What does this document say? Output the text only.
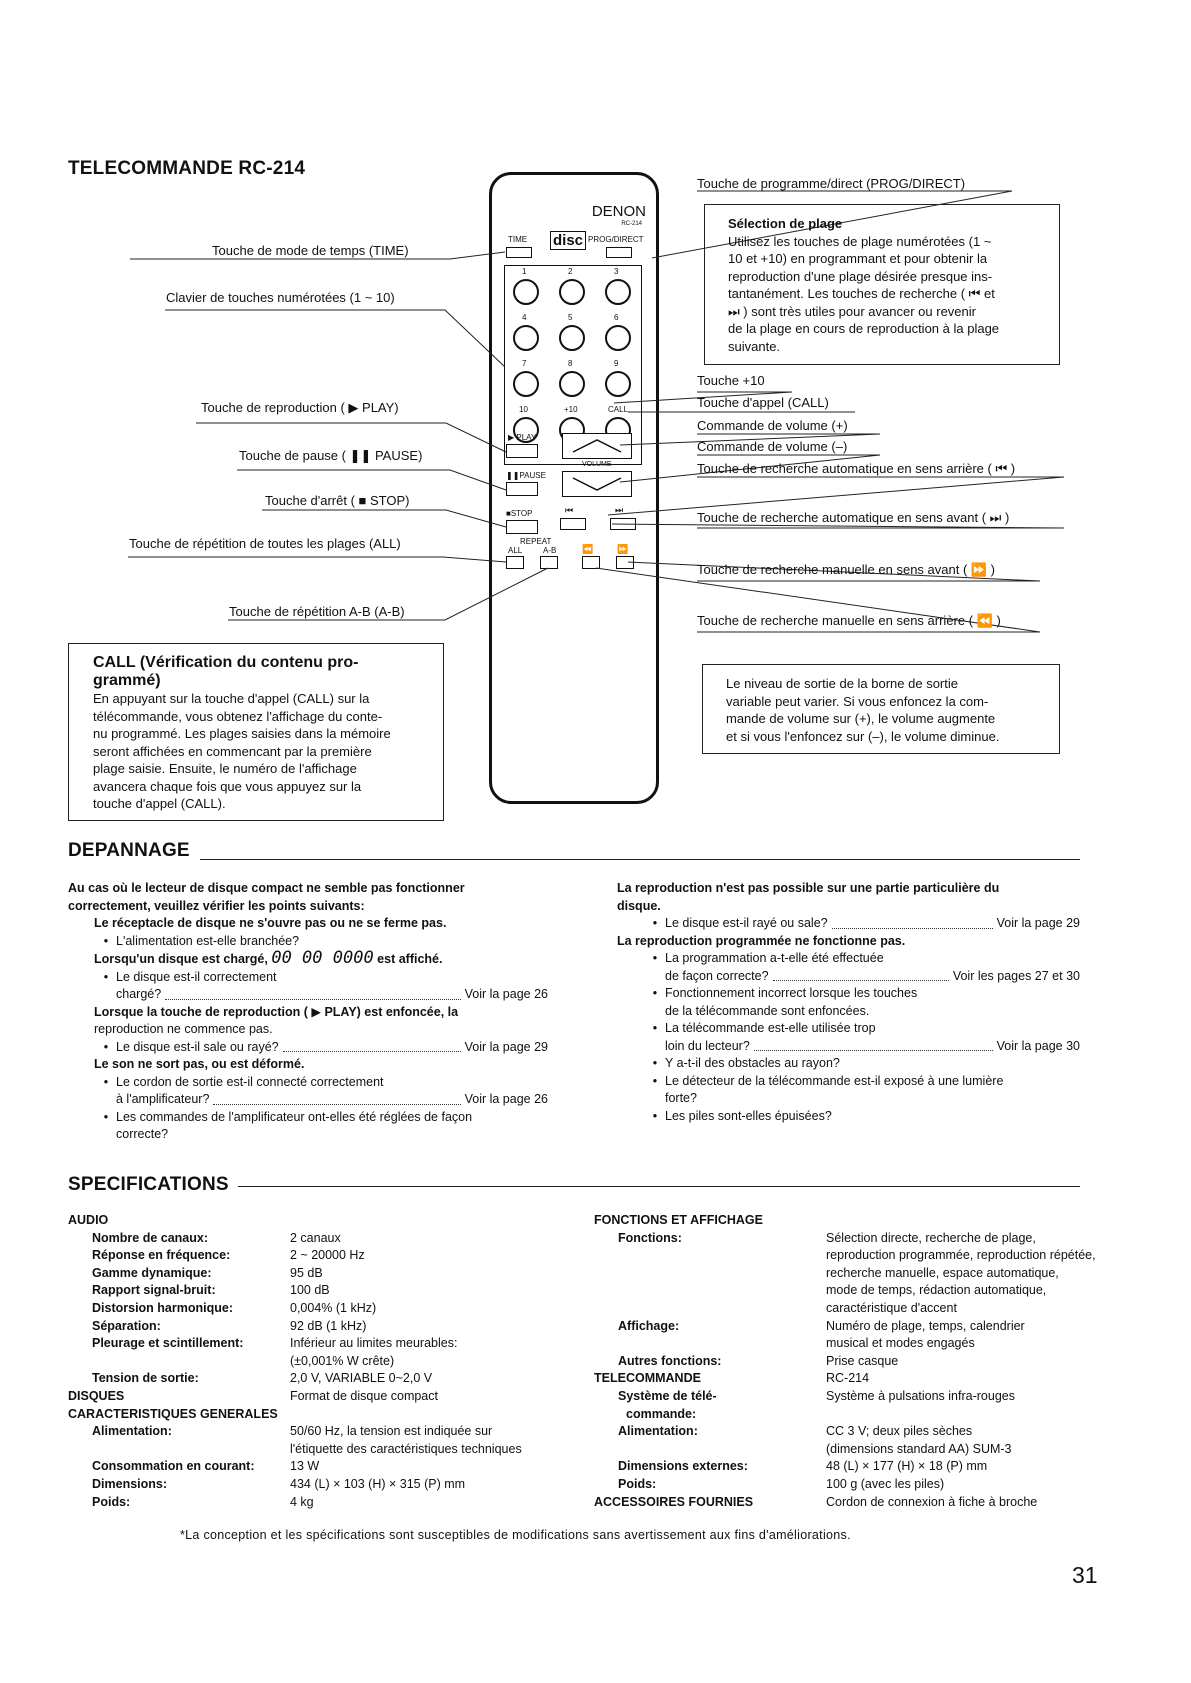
TELECOMMANDE RC-214
DENON
RC-214
disc
TIME	PROG/DIRECT
1	2	3
4	5	6
7	8	9
10	+10	CALL
▶ PLAY
❚❚PAUSE
■STOP
VOLUME
⏮	⏭
REPEAT
ALL	A-B	⏪	⏩
Touche de mode de temps (TIME)
Clavier de touches numérotées (1 ~ 10)
Touche de reproduction ( ▶ PLAY)
Touche de pause ( ❚❚ PAUSE)
Touche d'arrêt ( ■ STOP)
Touche de répétition de toutes les plages (ALL)
Touche de répétition A-B (A-B)
Touche de programme/direct (PROG/DIRECT)
Touche +10
Touche d'appel (CALL)
Commande de volume (+)
Commande de volume (–)
Touche de recherche automatique en sens arrière ( ⏮ )
Touche de recherche automatique en sens avant ( ⏭ )
Touche de recherche manuelle en sens avant ( ⏩ )
Touche de recherche manuelle en sens arrière ( ⏪ )
Sélection de plage
Utilisez les touches de plage numérotées (1 ~
10 et +10) en programmant et pour obtenir la
reproduction d'une plage désirée presque ins-
tantanément. Les touches de recherche ( ⏮ et
⏭ ) sont très utiles pour avancer ou revenir
de la plage en cours de reproduction à la plage
suivante.
Le niveau de sortie de la borne de sortie
variable peut varier. Si vous enfoncez la com-
mande de volume sur (+), le volume augmente
et si vous l'enfoncez sur (–), le volume diminue.
CALL (Vérification du contenu pro-
grammé)
En appuyant sur la touche d'appel (CALL) sur la
télécommande, vous obtenez l'affichage du conte-
nu programmé. Les plages saisies dans la mémoire
seront affichées en commencant par la première
plage saisie. Ensuite, le numéro de l'affichage
avancera chaque fois que vous appuyez sur la
touche d'appel (CALL).
DEPANNAGE
Au cas où le lecteur de disque compact ne semble pas fonctionner
correctement, veuillez vérifier les points suivants:
Le réceptacle de disque ne s'ouvre pas ou ne se ferme pas.
• L'alimentation est-elle branchée?
Lorsqu'un disque est chargé, 00 00 0000 est affiché.
• Le disque est-il correctement
chargé?	Voir la page 26
Lorsque la touche de reproduction ( ▶ PLAY) est enfoncée, la
reproduction ne commence pas.
• Le disque est-il sale ou rayé?	Voir la page 29
Le son ne sort pas, ou est déformé.
• Le cordon de sortie est-il connecté correctement
à l'amplificateur?	Voir la page 26
• Les commandes de l'amplificateur ont-elles été réglées de façon
correcte?
La reproduction n'est pas possible sur une partie particulière du
disque.
• Le disque est-il rayé ou sale?	Voir la page 29
La reproduction programmée ne fonctionne pas.
• La programmation a-t-elle été effectuée
de façon correcte?	Voir les pages 27 et 30
• Fonctionnement incorrect lorsque les touches
de la télécommande sont enfoncées.
• La télécommande est-elle utilisée trop
loin du lecteur?	Voir la page 30
• Y a-t-il des obstacles au rayon?
• Le détecteur de la télécommande est-il exposé à une lumière
forte?
• Les piles sont-elles épuisées?
SPECIFICATIONS
AUDIO	
Nombre de canaux:	2 canaux
Réponse en fréquence:	2 ~ 20000 Hz
Gamme dynamique:	95 dB
Rapport signal-bruit:	100 dB
Distorsion harmonique:	0,004% (1 kHz)
Séparation:	92 dB (1 kHz)
Pleurage et scintillement:	Inférieur au limites meurables:
	(±0,001% W crête)
Tension de sortie:	2,0 V, VARIABLE 0~2,0 V
DISQUES	Format de disque compact
CARACTERISTIQUES GENERALES	
Alimentation:	50/60 Hz, la tension est indiquée sur
	l'étiquette des caractéristiques techniques
Consommation en courant:	13 W
Dimensions:	434 (L) × 103 (H) × 315 (P) mm
Poids:	4 kg
FONCTIONS ET AFFICHAGE	
Fonctions:	Sélection directe, recherche de plage,
	reproduction programmée, reproduction répétée,
	recherche manuelle, espace automatique,
	mode de temps, rédaction automatique,
	caractéristique d'accent
Affichage:	Numéro de plage, temps, calendrier
	musical et modes engagés
Autres fonctions:	Prise casque
TELECOMMANDE	RC-214
Système de télé-	Système à pulsations infra-rouges
commande:	
Alimentation:	CC 3 V; deux piles sèches
	(dimensions standard AA) SUM-3
Dimensions externes:	48 (L) × 177 (H) × 18 (P) mm
Poids:	100 g (avec les piles)
ACCESSOIRES FOURNIES	Cordon de connexion à fiche à broche
*La conception et les spécifications sont susceptibles de modifications sans avertissement aux fins d'améliorations.
31
